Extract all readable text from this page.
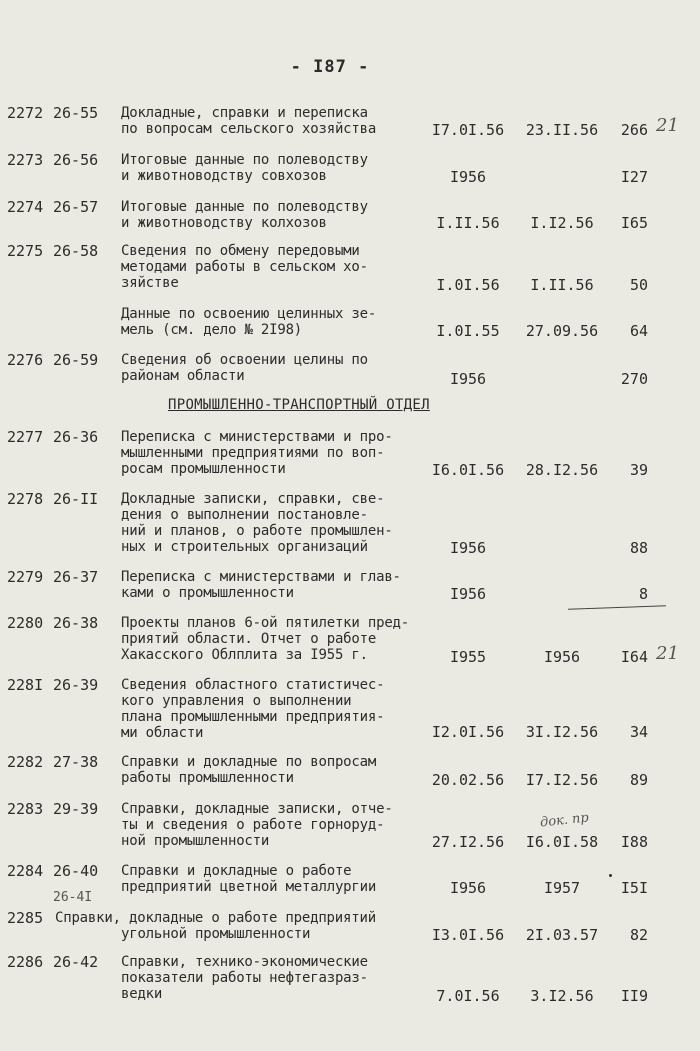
- I87 -
2272 26-55 Докладные, справки и переписка
по вопросам сельского хозяйства	I7.0I.56 23.II.56	266 21
2273 26-56 Итоговые данные по полеводству
и животноводству совхозов	I956	I27
2274 26-57 Итоговые данные по полеводству
и животноводству колхозов	I.II.56	I.I2.56	I65
2275 26-58 Сведения по обмену передовыми
методами работы в сельском хо-
зяйстве	I.0I.56	I.II.56	50
Данные по освоению целинных зе-
мель (см. дело № 2I98)	I.0I.55	27.09.56	64
2276 26-59 Сведения об освоении целины по
районам области	I956	270
ПРОМЫШЛЕННО-ТРАНСПОРТНЫЙ ОТДЕЛ
2277 26-36 Переписка с министерствами и про-
мышленными предприятиями по воп-
росам промышленности	I6.0I.56 28.I2.56	39
2278 26-II Докладные записки, справки, све-
дения о выполнении постановле-
ний и планов, о работе промышлен-
ных и строительных организаций	I956	88
2279 26-37 Переписка с министерствами и глав-
ками о промышленности	I956	8
2280 26-38 Проекты планов 6-ой пятилетки пред-
приятий области. Отчет о работе
Хакасского Облплита за I955 г.	I955	I956	I64 21
228I 26-39 Сведения областного статистичес-
кого управления о выполнении
плана промышленными предприятия-
ми области	I2.0I.56 3I.I2.56	34
2282 27-38 Справки и докладные по вопросам
работы промышленности	20.02.56 I7.I2.56	89
2283 29-39 Справки, докладные записки, отче-
ты и сведения о работе горноруд-
ной промышленности
док. пр
27.I2.56 I6.0I.58	I88
2284 26-40 Справки и докладные о работе
предприятий цветной металлургии	I956	I957	I5I
26-4I
2285 Справки, докладные о работе предприятий
угольной промышленности	I3.0I.56 2I.03.57	82
2286 26-42 Справки, технико-экономические
показатели работы нефтегазраз-
ведки	7.0I.56	3.I2.56	II9
